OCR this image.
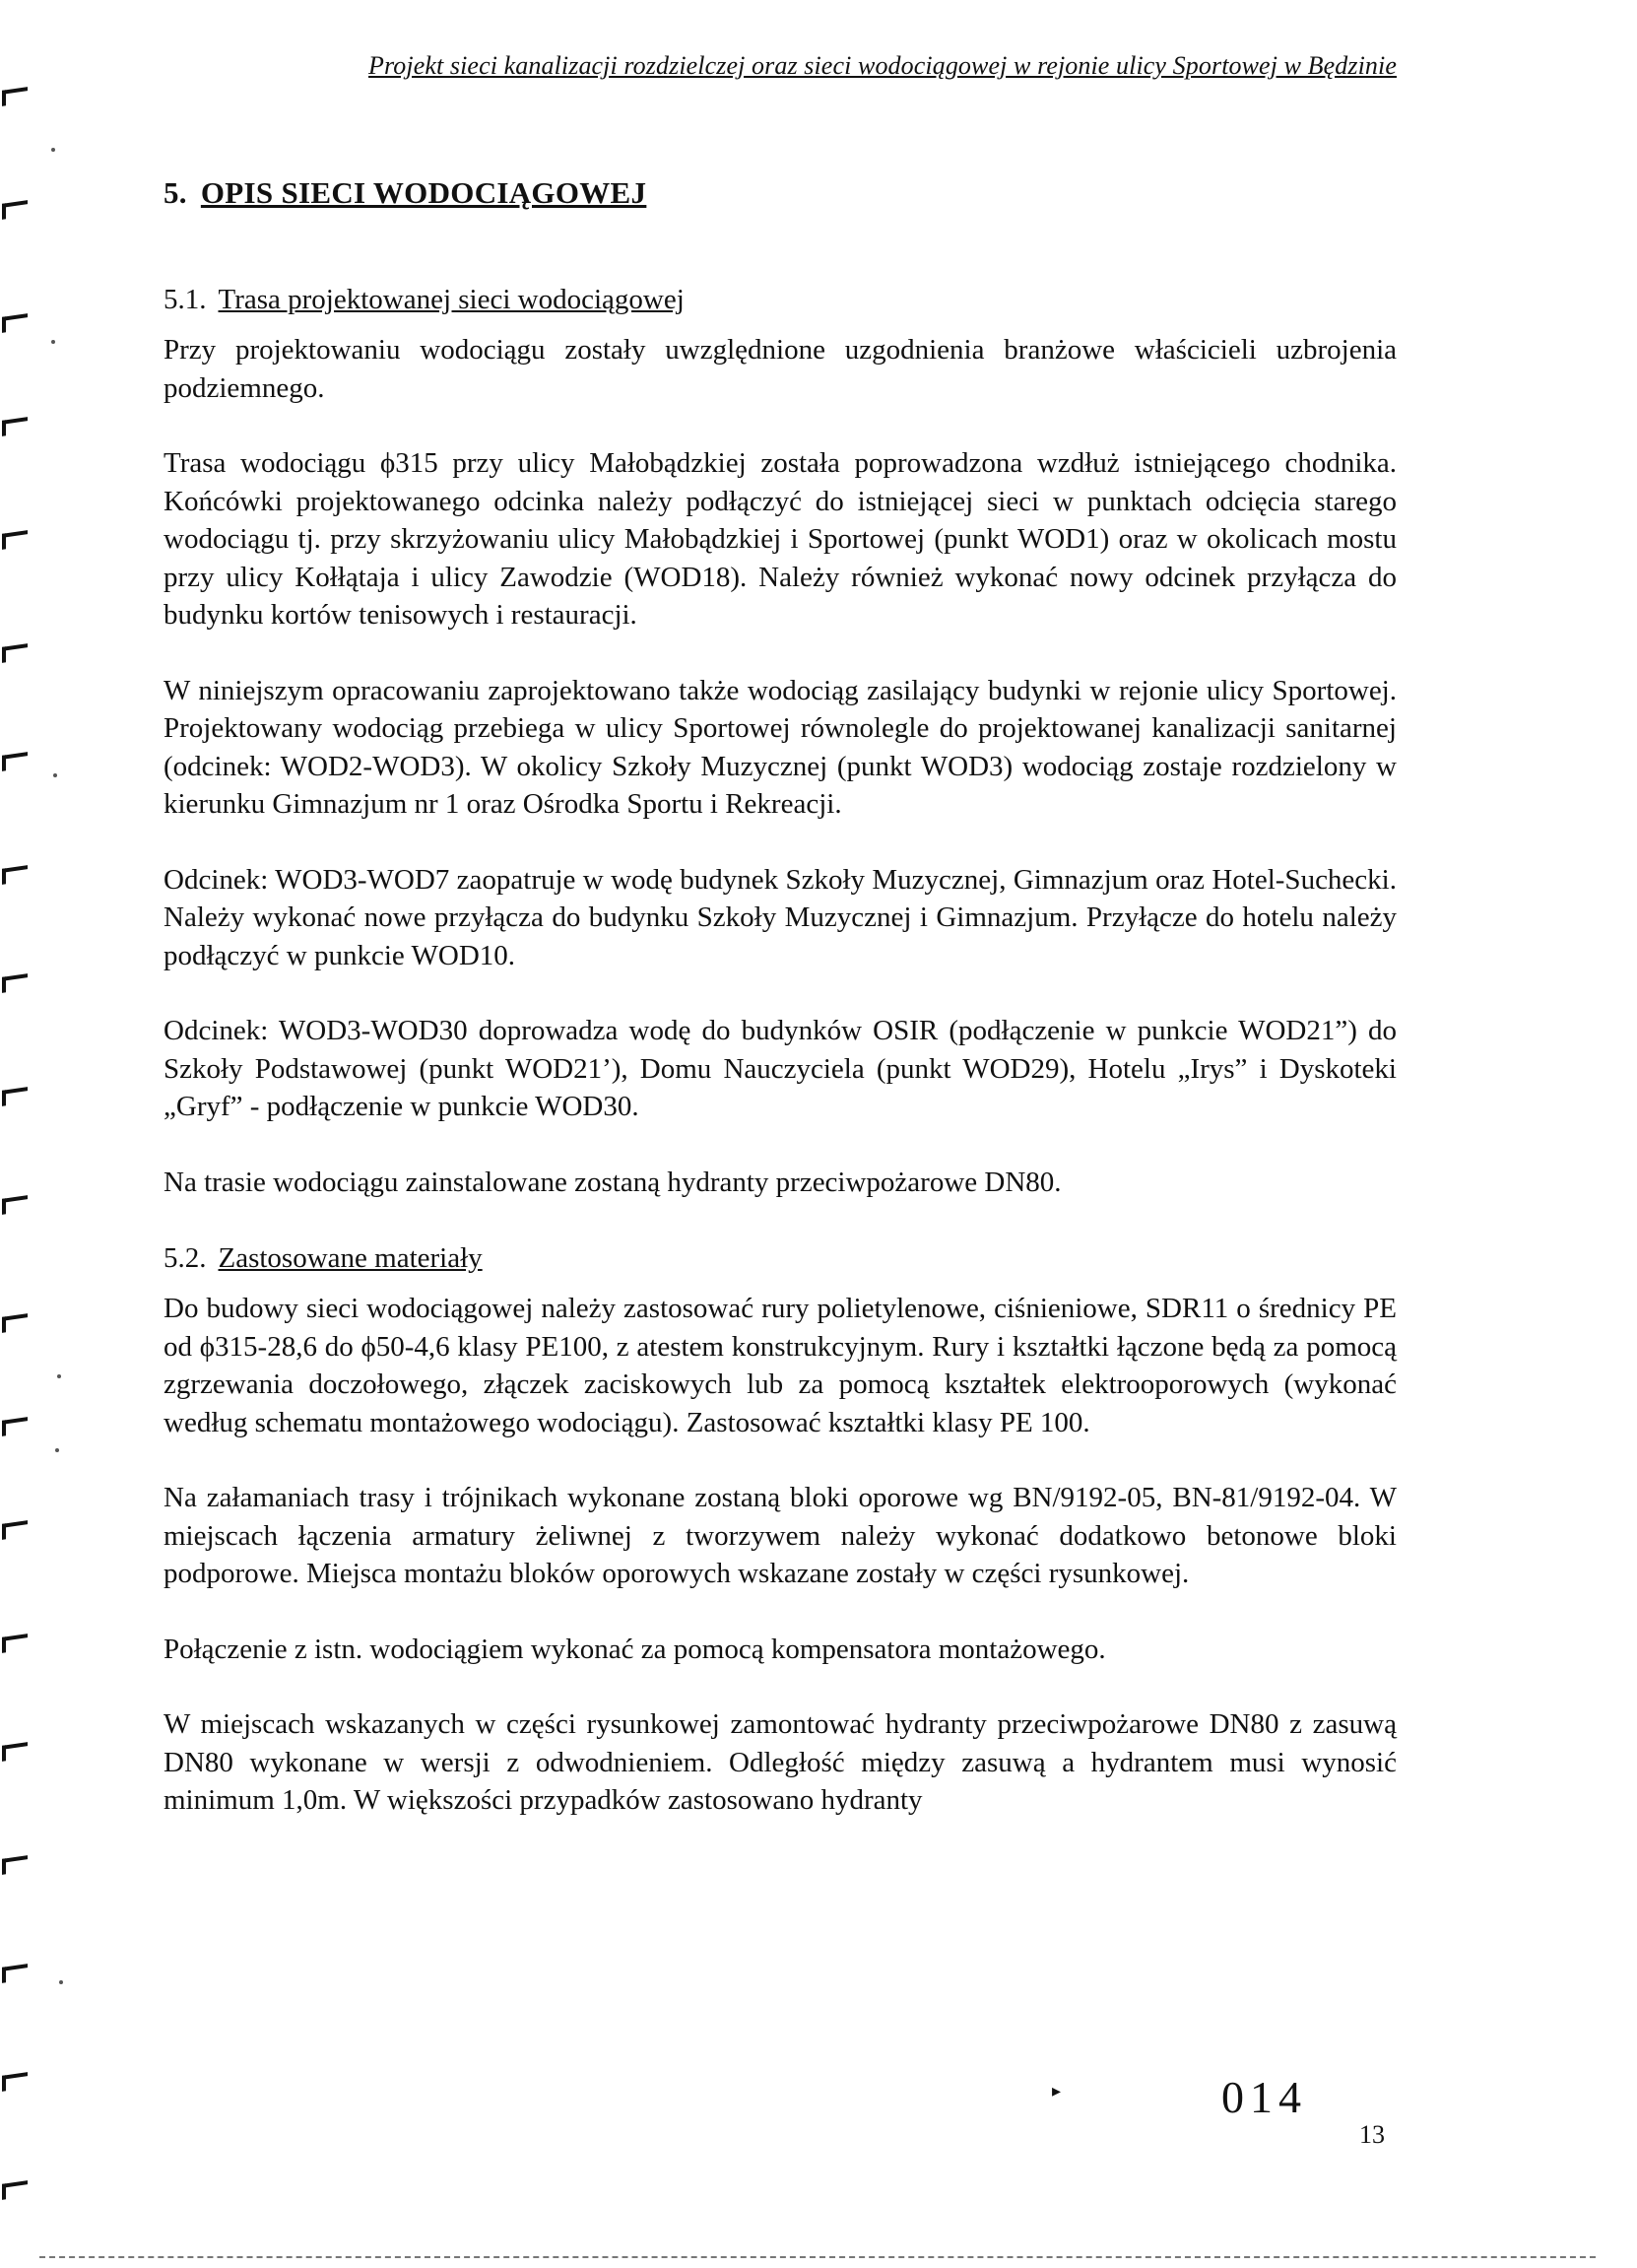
Projekt sieci kanalizacji rozdzielczej oraz sieci wodociągowej w rejonie ulicy Sportowej w Będzinie
5. OPIS SIECI WODOCIĄGOWEJ
5.1. Trasa projektowanej sieci wodociągowej

Przy projektowaniu wodociągu zostały uwzględnione uzgodnienia branżowe właścicieli uzbrojenia podziemnego.

Trasa wodociągu ϕ315 przy ulicy Małobądzkiej została poprowadzona wzdłuż istniejącego chodnika. Końcówki projektowanego odcinka należy podłączyć do istniejącej sieci w punktach odcięcia starego wodociągu tj. przy skrzyżowaniu ulicy Małobądzkiej i Sportowej (punkt WOD1) oraz w okolicach mostu przy ulicy Kołłątaja i ulicy Zawodzie (WOD18). Należy również wykonać nowy odcinek przyłącza do budynku kortów tenisowych i restauracji.

W niniejszym opracowaniu zaprojektowano także wodociąg zasilający budynki w rejonie ulicy Sportowej. Projektowany wodociąg przebiega w ulicy Sportowej równolegle do projektowanej kanalizacji sanitarnej (odcinek: WOD2-WOD3). W okolicy Szkoły Muzycznej (punkt WOD3) wodociąg zostaje rozdzielony w kierunku Gimnazjum nr 1 oraz Ośrodka Sportu i Rekreacji.

Odcinek: WOD3-WOD7 zaopatruje w wodę budynek Szkoły Muzycznej, Gimnazjum oraz Hotel-Suchecki. Należy wykonać nowe przyłącza do budynku Szkoły Muzycznej i Gimnazjum. Przyłącze do hotelu należy podłączyć w punkcie WOD10.

Odcinek: WOD3-WOD30 doprowadza wodę do budynków OSIR (podłączenie w punkcie WOD21”) do Szkoły Podstawowej (punkt WOD21’), Domu Nauczyciela (punkt WOD29), Hotelu „Irys” i Dyskoteki „Gryf” - podłączenie w punkcie WOD30.

Na trasie wodociągu zainstalowane zostaną hydranty przeciwpożarowe DN80.

5.2. Zastosowane materiały

Do budowy sieci wodociągowej należy zastosować rury polietylenowe, ciśnieniowe, SDR11 o średnicy PE od ϕ315-28,6 do ϕ50-4,6 klasy PE100, z atestem konstrukcyjnym. Rury i kształtki łączone będą za pomocą zgrzewania doczołowego, złączek zaciskowych lub za pomocą kształtek elektrooporowych (wykonać według schematu montażowego wodociągu). Zastosować kształtki klasy PE 100.

Na załamaniach trasy i trójnikach wykonane zostaną bloki oporowe wg BN/9192-05, BN-81/9192-04. W miejscach łączenia armatury żeliwnej z tworzywem należy wykonać dodatkowo betonowe bloki podporowe. Miejsca montażu bloków oporowych wskazane zostały w części rysunkowej.

Połączenie z istn. wodociągiem wykonać za pomocą kompensatora montażowego.

W miejscach wskazanych w części rysunkowej zamontować hydranty przeciwpożarowe DN80 z zasuwą DN80 wykonane w wersji z odwodnieniem. Odległość między zasuwą a hydrantem musi wynosić minimum 1,0m. W większości przypadków zastosowano hydranty

▸	014
13
